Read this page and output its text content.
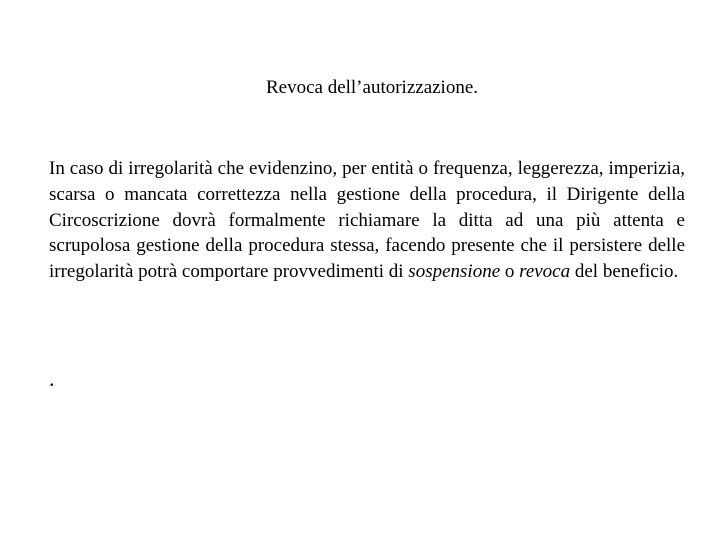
Revoca dell’autorizzazione.

In caso di irregolarità che evidenzino, per entità o frequenza, leggerezza, imperizia, scarsa o mancata correttezza nella gestione della procedura, il Dirigente della Circoscrizione dovrà formalmente richiamare la ditta ad una più attenta e scrupolosa gestione della procedura stessa, facendo presente che il persistere delle irregolarità potrà comportare provvedimenti di sospensione o revoca del beneficio.

.
